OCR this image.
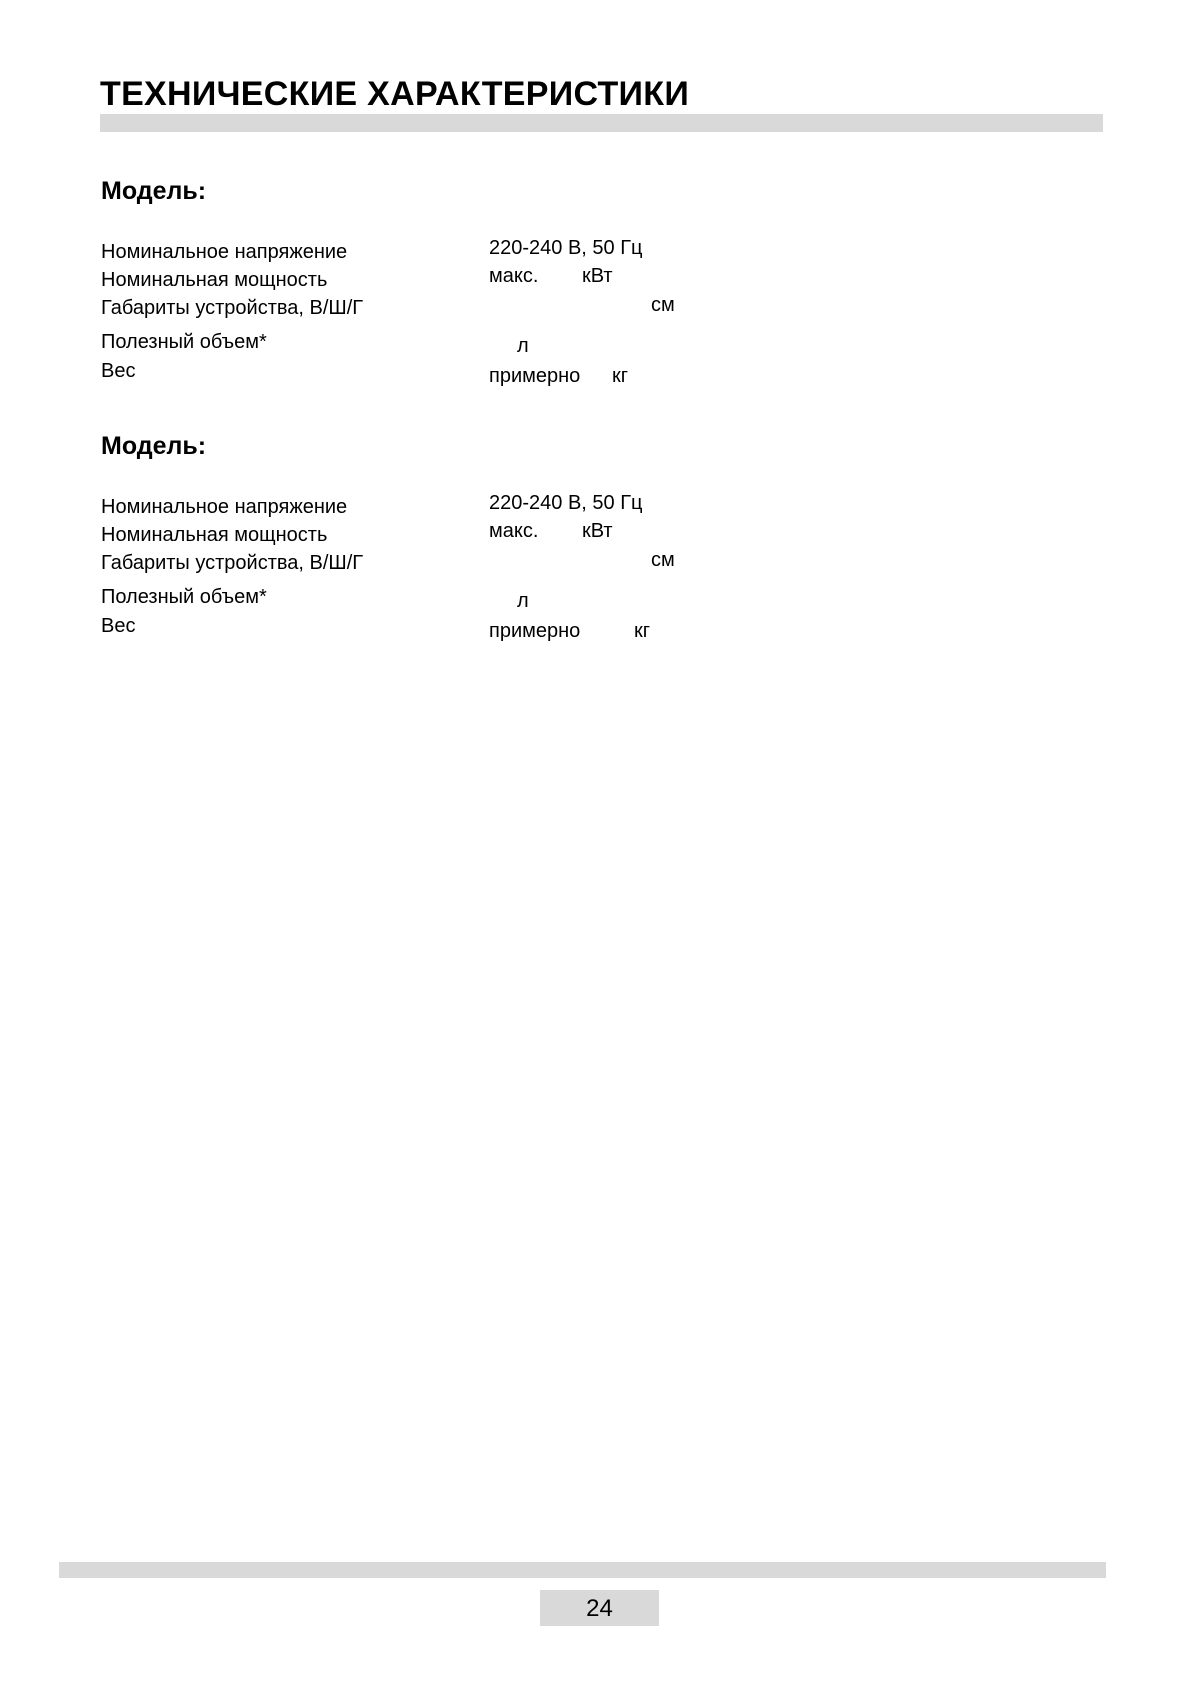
ТЕХНИЧЕСКИЕ ХАРАКТЕРИСТИКИ
Модель:
Номинальное напряжение	220-240 В, 50 Гц
Номинальная мощность	макс. кВт
Габариты устройства, В/Ш/Г	см
Полезный объем*	л
Вес	примерно кг
Модель:
Номинальное напряжение	220-240 В, 50 Гц
Номинальная мощность	макс. кВт
Габариты устройства, В/Ш/Г	см
Полезный объем*	л
Вес	примерно	кг
24
